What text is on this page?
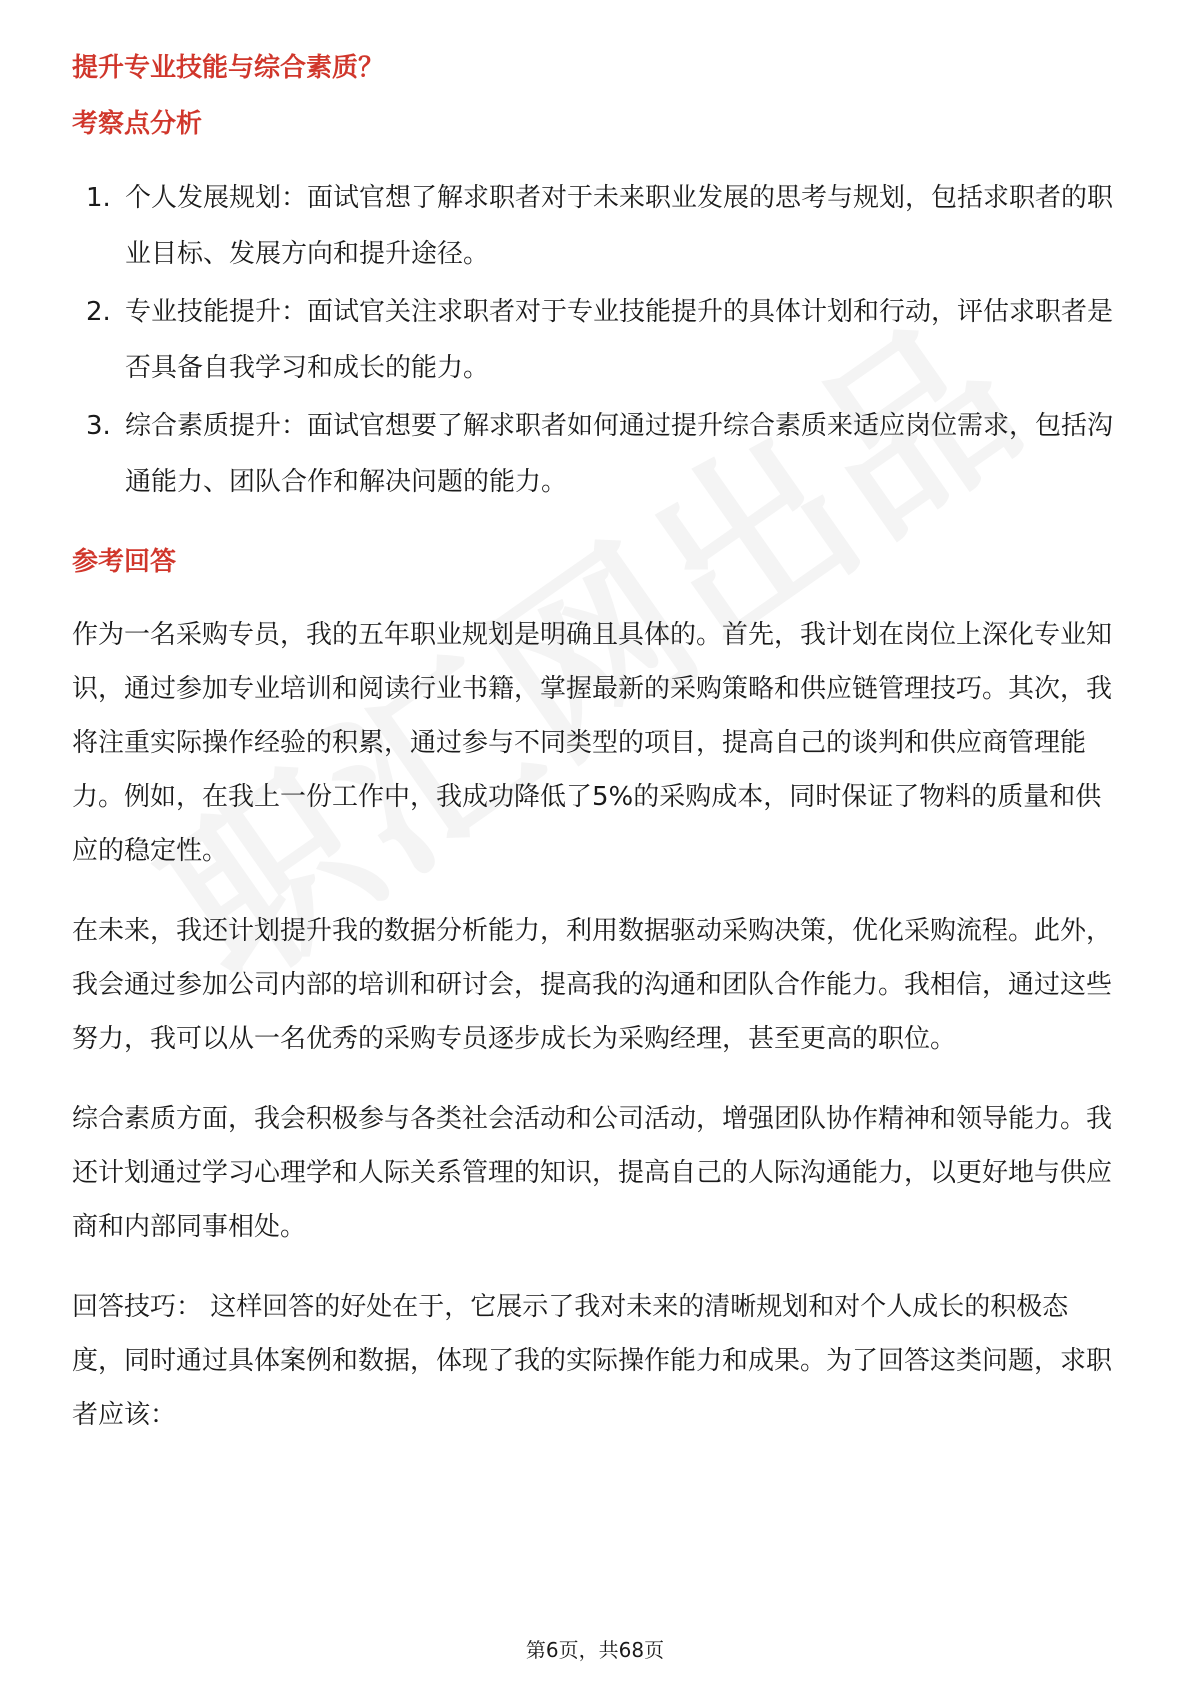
提升专业技能与综合素质？
考察点分析
1. 个人发展规划：面试官想了解求职者对于未来职业发展的思考与规划，包括求职者的职业目标、发展方向和提升途径。
2. 专业技能提升：面试官关注求职者对于专业技能提升的具体计划和行动，评估求职者是否具备自我学习和成长的能力。
3. 综合素质提升：面试官想要了解求职者如何通过提升综合素质来适应岗位需求，包括沟通能力、团队合作和解决问题的能力。
参考回答

作为一名采购专员，我的五年职业规划是明确且具体的。首先，我计划在岗位上深化专业知识，通过参加专业培训和阅读行业书籍，掌握最新的采购策略和供应链管理技巧。其次，我将注重实际操作经验的积累，通过参与不同类型的项目，提高自己的谈判和供应商管理能力。例如，在我上一份工作中，我成功降低了5%的采购成本，同时保证了物料的质量和供应的稳定性。

在未来，我还计划提升我的数据分析能力，利用数据驱动采购决策，优化采购流程。此外，我会通过参加公司内部的培训和研讨会，提高我的沟通和团队合作能力。我相信，通过这些努力，我可以从一名优秀的采购专员逐步成长为采购经理，甚至更高的职位。

综合素质方面，我会积极参与各类社会活动和公司活动，增强团队协作精神和领导能力。我还计划通过学习心理学和人际关系管理的知识，提高自己的人际沟通能力，以更好地与供应商和内部同事相处。

回答技巧： 这样回答的好处在于，它展示了我对未来的清晰规划和对个人成长的积极态度，同时通过具体案例和数据，体现了我的实际操作能力和成果。为了回答这类问题，求职者应该：

第6页，共68页
